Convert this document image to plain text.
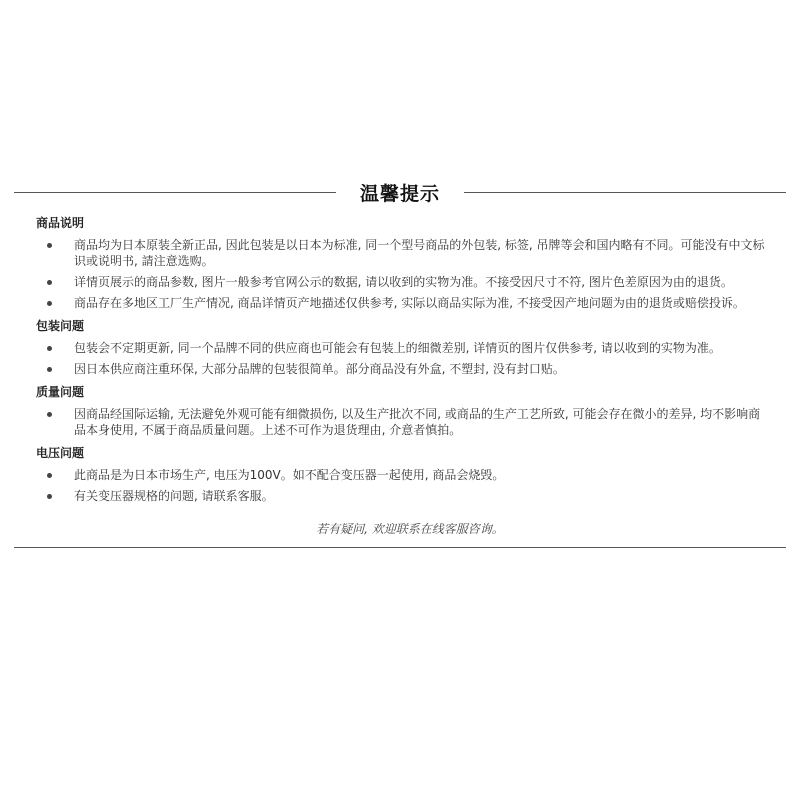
温馨提示
商品说明
商品均为日本原装全新正品, 因此包装是以日本为标准, 同一个型号商品的外包装, 标签, 吊牌等会和国内略有不同。可能没有中文标识或说明书, 請注意选购。
详情页展示的商品参数, 图片一般参考官网公示的数据, 请以收到的实物为准。不接受因尺寸不符, 图片色差原因为由的退货。
商品存在多地区工厂生产情况, 商品详情页产地描述仅供参考, 实际以商品实际为准, 不接受因产地问题为由的退货或赔偿投诉。
包装问题
包装会不定期更新, 同一个品牌不同的供应商也可能会有包装上的细微差别, 详情页的图片仅供参考, 请以收到的实物为准。
因日本供应商注重环保, 大部分品牌的包装很简单。部分商品没有外盒, 不塑封, 没有封口贴。
质量问题
因商品经国际运输, 无法避免外观可能有细微损伤, 以及生产批次不同, 或商品的生产工艺所致, 可能会存在微小的差异, 均不影响商品本身使用, 不属于商品质量问题。上述不可作为退货理由, 介意者慎拍。
电压问题
此商品是为日本市场生产, 电压为100V。如不配合变压器一起使用, 商品会烧毁。
有关变压器规格的问题, 请联系客服。
若有疑问, 欢迎联系在线客服咨询。
